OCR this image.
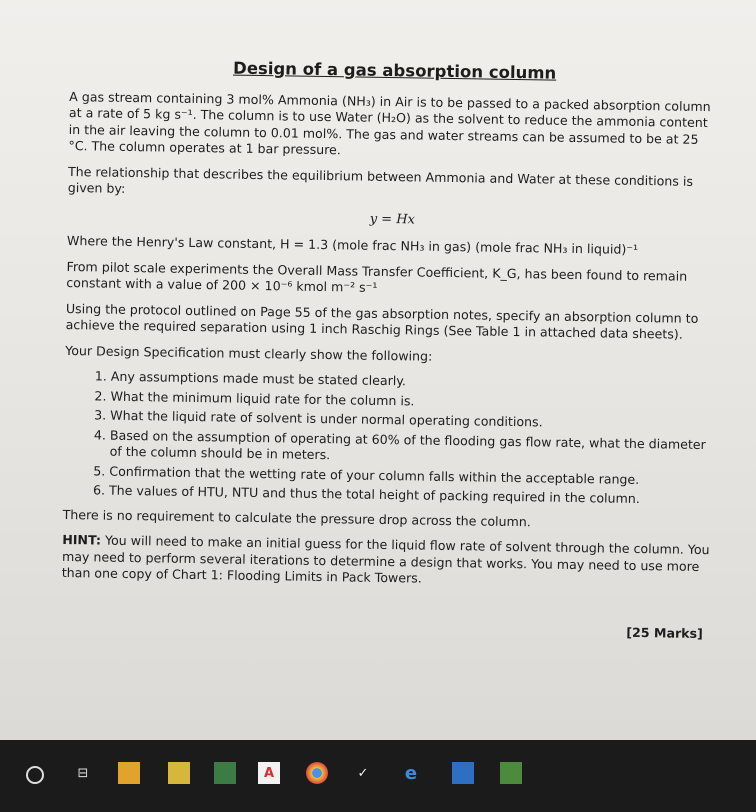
Design of a gas absorption column

A gas stream containing 3 mol% Ammonia (NH₃) in Air is to be passed to a packed absorption column at a rate of 5 kg s⁻¹. The column is to use Water (H₂O) as the solvent to reduce the ammonia content in the air leaving the column to 0.01 mol%. The gas and water streams can be assumed to be at 25 °C. The column operates at 1 bar pressure.

The relationship that describes the equilibrium between Ammonia and Water at these conditions is given by:

y = Hx

Where the Henry's Law constant, H = 1.3 (mole frac NH₃ in gas) (mole frac NH₃ in liquid)⁻¹

From pilot scale experiments the Overall Mass Transfer Coefficient, K_G, has been found to remain constant with a value of 200 × 10⁻⁶ kmol m⁻² s⁻¹

Using the protocol outlined on Page 55 of the gas absorption notes, specify an absorption column to achieve the required separation using 1 inch Raschig Rings (See Table 1 in attached data sheets).

Your Design Specification must clearly show the following:

1. Any assumptions made must be stated clearly.
2. What the minimum liquid rate for the column is.
3. What the liquid rate of solvent is under normal operating conditions.
4. Based on the assumption of operating at 60% of the flooding gas flow rate, what the diameter of the column should be in meters.
5. Confirmation that the wetting rate of your column falls within the acceptable range.
6. The values of HTU, NTU and thus the total height of packing required in the column.

There is no requirement to calculate the pressure drop across the column.

HINT: You will need to make an initial guess for the liquid flow rate of solvent through the column. You may need to perform several iterations to determine a design that works. You may need to use more than one copy of Chart 1: Flooding Limits in Pack Towers.

[25 Marks]
⊟	A	✓	e
